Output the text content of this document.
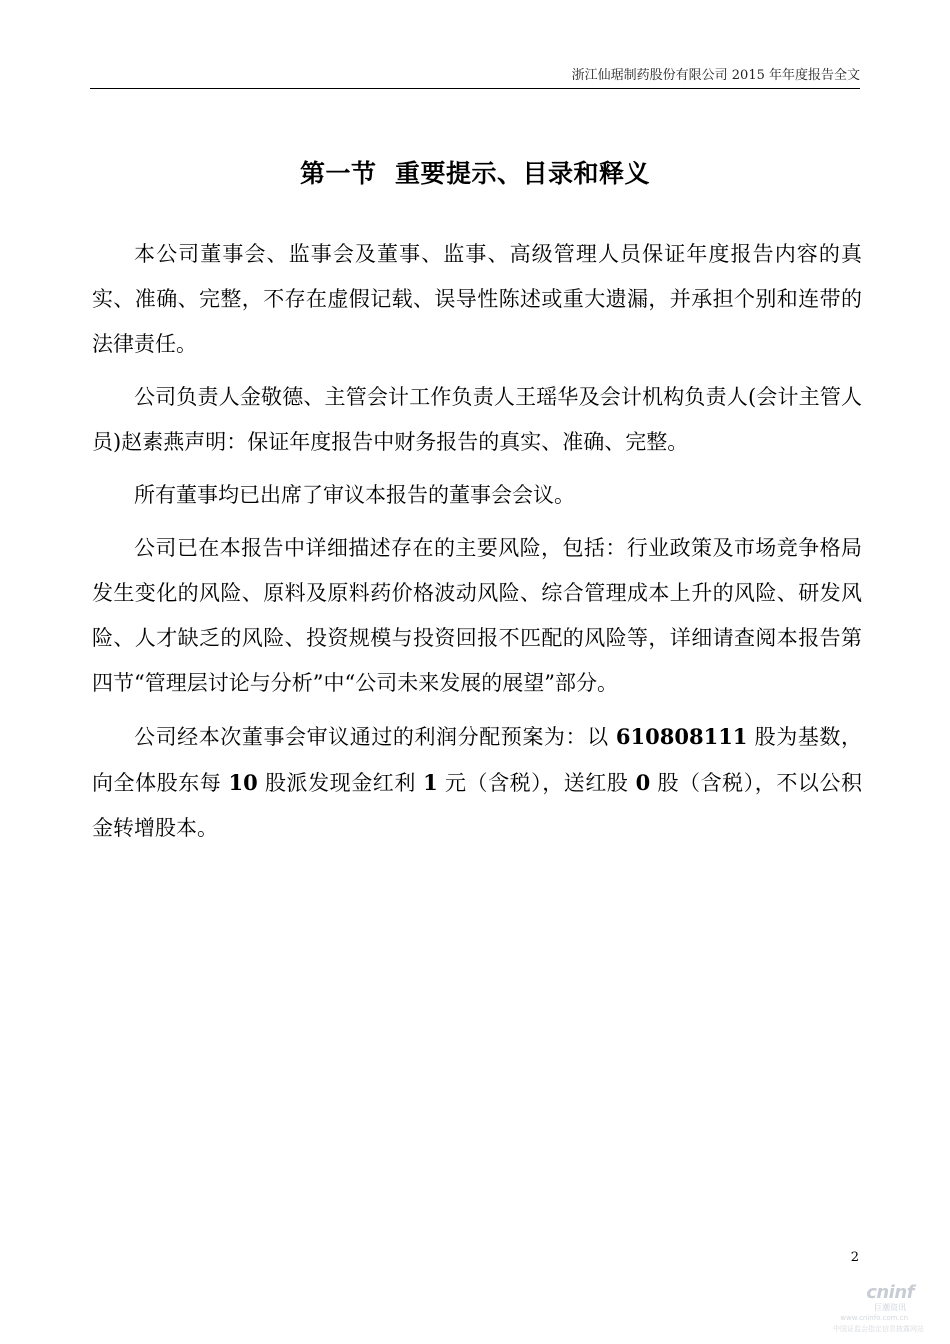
浙江仙琚制药股份有限公司 2015 年年度报告全文
第一节  重要提示、目录和释义

本公司董事会、监事会及董事、监事、高级管理人员保证年度报告内容的真实、准确、完整，不存在虚假记载、误导性陈述或重大遗漏，并承担个别和连带的法律责任。

公司负责人金敬德、主管会计工作负责人王瑶华及会计机构负责人(会计主管人员)赵素燕声明：保证年度报告中财务报告的真实、准确、完整。

所有董事均已出席了审议本报告的董事会会议。

公司已在本报告中详细描述存在的主要风险，包括：行业政策及市场竞争格局发生变化的风险、原料及原料药价格波动风险、综合管理成本上升的风险、研发风险、人才缺乏的风险、投资规模与投资回报不匹配的风险等，详细请查阅本报告第四节“管理层讨论与分析”中“公司未来发展的展望”部分。

公司经本次董事会审议通过的利润分配预案为：以 610808111 股为基数，向全体股东每 10 股派发现金红利 1 元（含税），送红股 0 股（含税），不以公积金转增股本。

2
cninf
巨潮资讯
www.cninfo.com.cn
中国证监会指定信息披露网站
